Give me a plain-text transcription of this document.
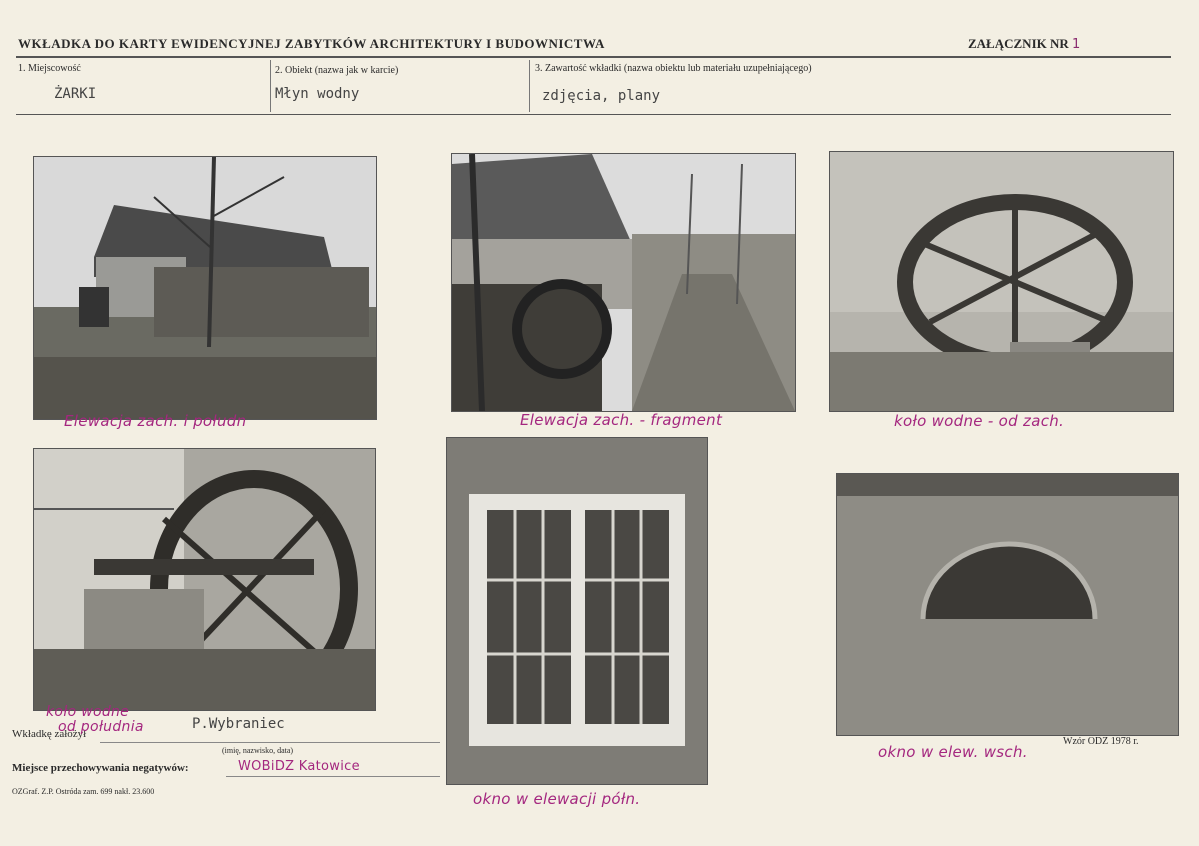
WKŁADKA DO KARTY EWIDENCYJNEJ ZABYTKÓW ARCHITEKTURY I BUDOWNICTWA	ZAŁĄCZNIK NR 1
1. Miejscowość
ŻARKI
2. Obiekt (nazwa jak w karcie)
Młyn wodny
3. Zawartość wkładki (nazwa obiektu lub materiału uzupełniającego)
zdjęcia, plany
Elewacja zach. i połudn	Elewacja zach. - fragment	koło wodne - od zach.
Wkładkę założył
P.Wybraniec
(imię, nazwisko, data)
koło wodne
od południa
Miejsce przechowywania negatywów:	WOBiDZ Katowice
OZGraf. Z.P. Ostróda zam. 699 nakł. 23.600	okno w elewacji półn.
okno w elew. wsch.
Wzór ODZ 1978 r.
